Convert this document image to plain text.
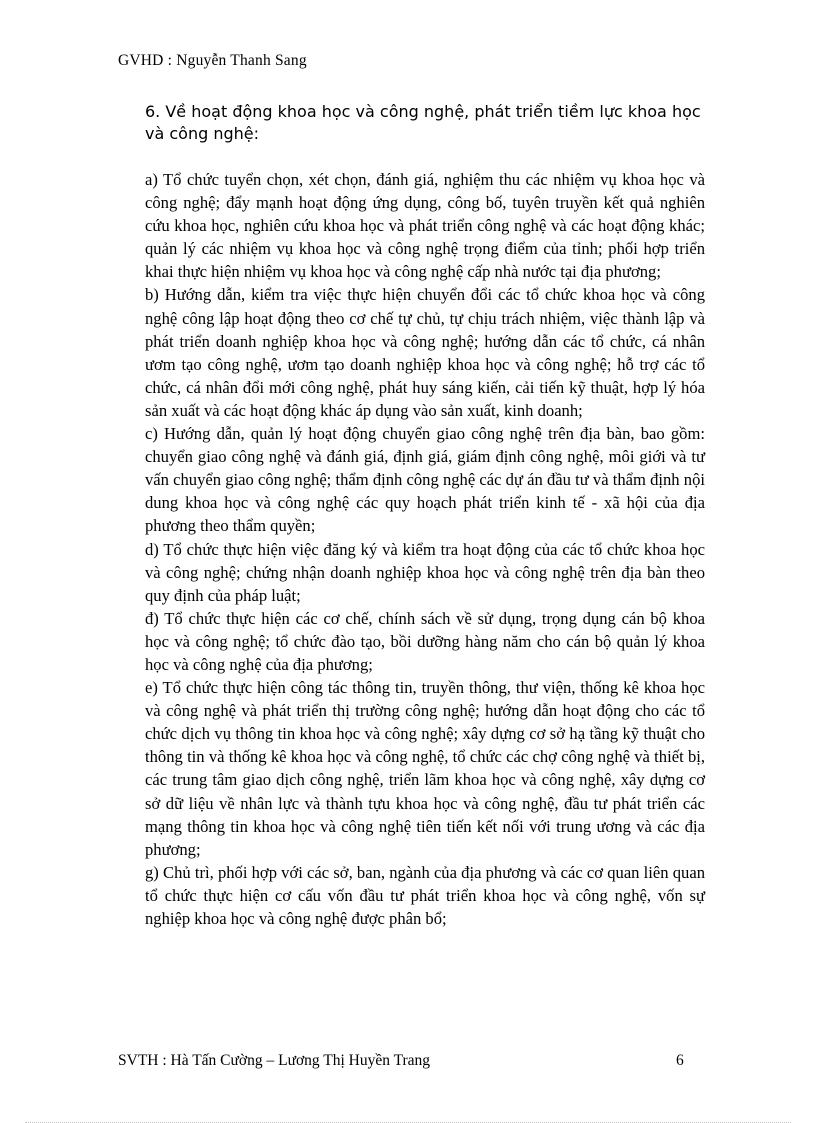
GVHD : Nguyễn Thanh Sang
6. Về hoạt động khoa học và công nghệ, phát triển tiềm lực khoa học và công nghệ:

a) Tổ chức tuyển chọn, xét chọn, đánh giá, nghiệm thu các nhiệm vụ khoa học và công nghệ; đẩy mạnh hoạt động ứng dụng, công bố, tuyên truyền kết quả nghiên cứu khoa học, nghiên cứu khoa học và phát triển công nghệ và các hoạt động khác; quản lý các nhiệm vụ khoa học và công nghệ trọng điểm của tỉnh; phối hợp triển khai thực hiện nhiệm vụ khoa học và công nghệ cấp nhà nước tại địa phương;

b) Hướng dẫn, kiểm tra việc thực hiện chuyển đổi các tổ chức khoa học và công nghệ công lập hoạt động theo cơ chế tự chủ, tự chịu trách nhiệm, việc thành lập và phát triển doanh nghiệp khoa học và công nghệ; hướng dẫn các tổ chức, cá nhân ươm tạo công nghệ, ươm tạo doanh nghiệp khoa học và công nghệ; hỗ trợ các tổ chức, cá nhân đổi mới công nghệ, phát huy sáng kiến, cải tiến kỹ thuật, hợp lý hóa sản xuất và các hoạt động khác áp dụng vào sản xuất, kinh doanh;

c) Hướng dẫn, quản lý hoạt động chuyển giao công nghệ trên địa bàn, bao gồm: chuyển giao công nghệ và đánh giá, định giá, giám định công nghệ, môi giới và tư vấn chuyển giao công nghệ; thẩm định công nghệ các dự án đầu tư và thẩm định nội dung khoa học và công nghệ các quy hoạch phát triển kinh tế - xã hội của địa phương theo thẩm quyền;

d) Tổ chức thực hiện việc đăng ký và kiểm tra hoạt động của các tổ chức khoa học và công nghệ; chứng nhận doanh nghiệp khoa học và công nghệ trên địa bàn theo quy định của pháp luật;

đ) Tổ chức thực hiện các cơ chế, chính sách về sử dụng, trọng dụng cán bộ khoa học và công nghệ; tổ chức đào tạo, bồi dưỡng hàng năm cho cán bộ quản lý khoa học và công nghệ của địa phương;

e) Tổ chức thực hiện công tác thông tin, truyền thông, thư viện, thống kê khoa học và công nghệ và phát triển thị trường công nghệ; hướng dẫn hoạt động cho các tổ chức dịch vụ thông tin khoa học và công nghệ; xây dựng cơ sở hạ tầng kỹ thuật cho thông tin và thống kê khoa học và công nghệ, tổ chức các chợ công nghệ và thiết bị, các trung tâm giao dịch công nghệ, triển lãm khoa học và công nghệ, xây dựng cơ sở dữ liệu về nhân lực và thành tựu khoa học và công nghệ, đầu tư phát triển các mạng thông tin khoa học và công nghệ tiên tiến kết nối với trung ương và các địa phương;

g) Chủ trì, phối hợp với các sở, ban, ngành của địa phương và các cơ quan liên quan tổ chức thực hiện cơ cấu vốn đầu tư phát triển khoa học và công nghệ, vốn sự nghiệp khoa học và công nghệ được phân bổ;

SVTH : Hà Tấn Cường – Lương Thị Huyền Trang	6
